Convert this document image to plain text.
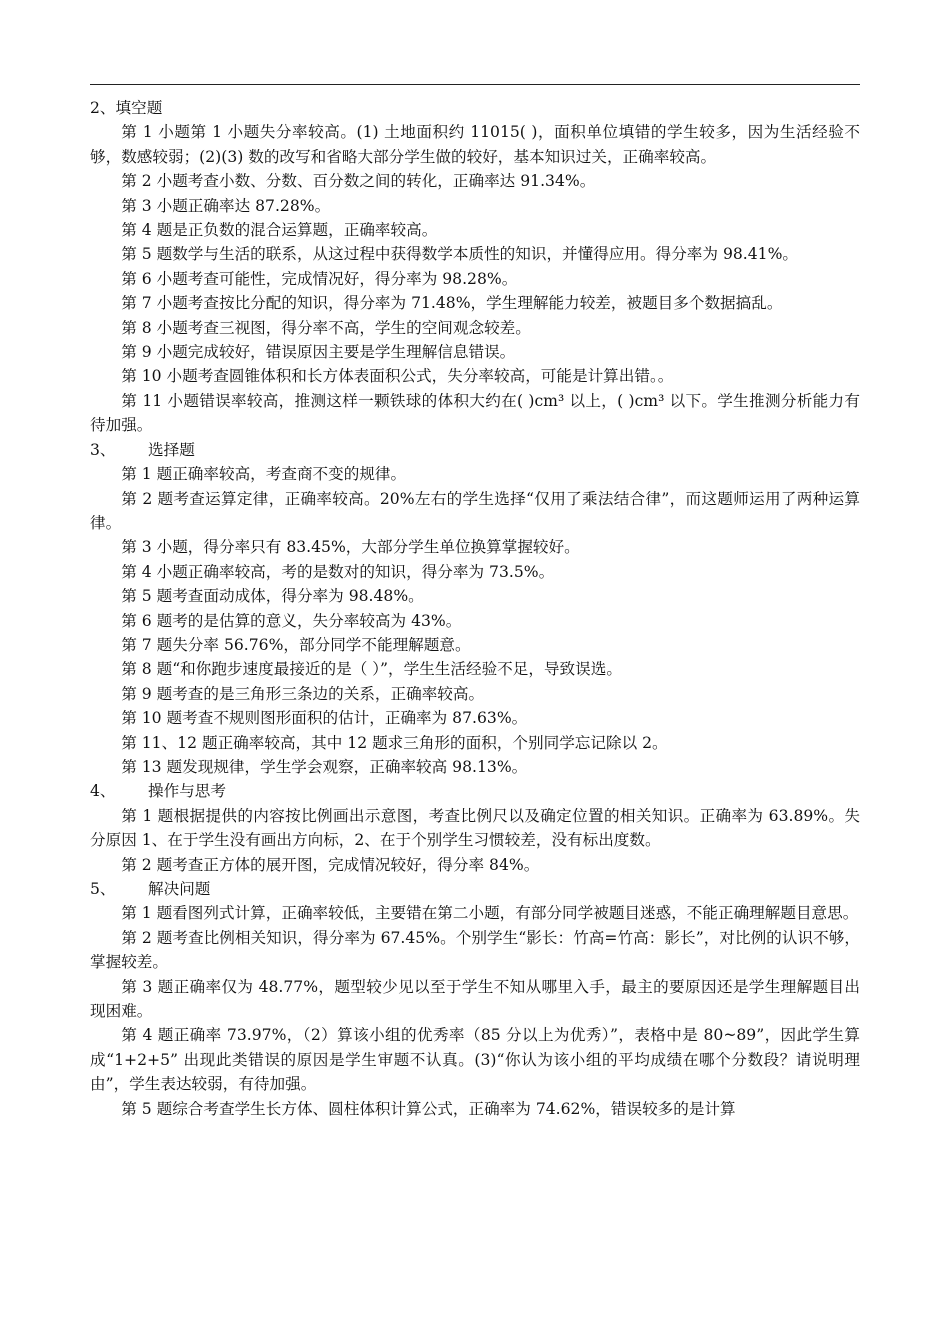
2、填空题

第 1 小题第 1 小题失分率较高。(1) 土地面积约 11015( )，面积单位填错的学生较多，因为生活经验不够，数感较弱；(2)(3) 数的改写和省略大部分学生做的较好，基本知识过关，正确率较高。

第 2 小题考查小数、分数、百分数之间的转化，正确率达 91.34%。

第 3 小题正确率达 87.28%。

第 4 题是正负数的混合运算题，正确率较高。

第 5 题数学与生活的联系，从这过程中获得数学本质性的知识，并懂得应用。得分率为 98.41%。

第 6 小题考查可能性，完成情况好，得分率为 98.28%。

第 7 小题考查按比分配的知识，得分率为 71.48%，学生理解能力较差，被题目多个数据搞乱。

第 8 小题考查三视图，得分率不高，学生的空间观念较差。

第 9 小题完成较好，错误原因主要是学生理解信息错误。

第 10 小题考查圆锥体积和长方体表面积公式，失分率较高，可能是计算出错。。

第 11 小题错误率较高，推测这样一颗铁球的体积大约在( )cm³ 以上，( )cm³ 以下。学生推测分析能力有待加强。

3、 选择题

第 1 题正确率较高，考查商不变的规律。

第 2 题考查运算定律，正确率较高。20%左右的学生选择“仅用了乘法结合律”，而这题师运用了两种运算律。

第 3 小题，得分率只有 83.45%，大部分学生单位换算掌握较好。

第 4 小题正确率较高，考的是数对的知识，得分率为 73.5%。

第 5 题考查面动成体，得分率为 98.48%。

第 6 题考的是估算的意义，失分率较高为 43%。

第 7 题失分率 56.76%，部分同学不能理解题意。

第 8 题“和你跑步速度最接近的是（ ）”，学生生活经验不足，导致误选。

第 9 题考查的是三角形三条边的关系，正确率较高。

第 10 题考查不规则图形面积的估计，正确率为 87.63%。

第 11、12 题正确率较高，其中 12 题求三角形的面积，个别同学忘记除以 2。

第 13 题发现规律，学生学会观察，正确率较高 98.13%。

4、 操作与思考

第 1 题根据提供的内容按比例画出示意图，考查比例尺以及确定位置的相关知识。正确率为 63.89%。失分原因 1、在于学生没有画出方向标，2、在于个别学生习惯较差，没有标出度数。

第 2 题考查正方体的展开图，完成情况较好，得分率 84%。

5、 解决问题

第 1 题看图列式计算，正确率较低，主要错在第二小题，有部分同学被题目迷惑，不能正确理解题目意思。

第 2 题考查比例相关知识，得分率为 67.45%。个别学生“影长：竹高=竹高：影长”，对比例的认识不够，掌握较差。

第 3 题正确率仅为 48.77%，题型较少见以至于学生不知从哪里入手，最主的要原因还是学生理解题目出现困难。

第 4 题正确率 73.97%，（2）算该小组的优秀率（85 分以上为优秀）”，表格中是 80~89”，因此学生算成“1+2+5” 出现此类错误的原因是学生审题不认真。(3)“你认为该小组的平均成绩在哪个分数段？请说明理由”，学生表达较弱，有待加强。

第 5 题综合考查学生长方体、圆柱体积计算公式，正确率为 74.62%，错误较多的是计算
